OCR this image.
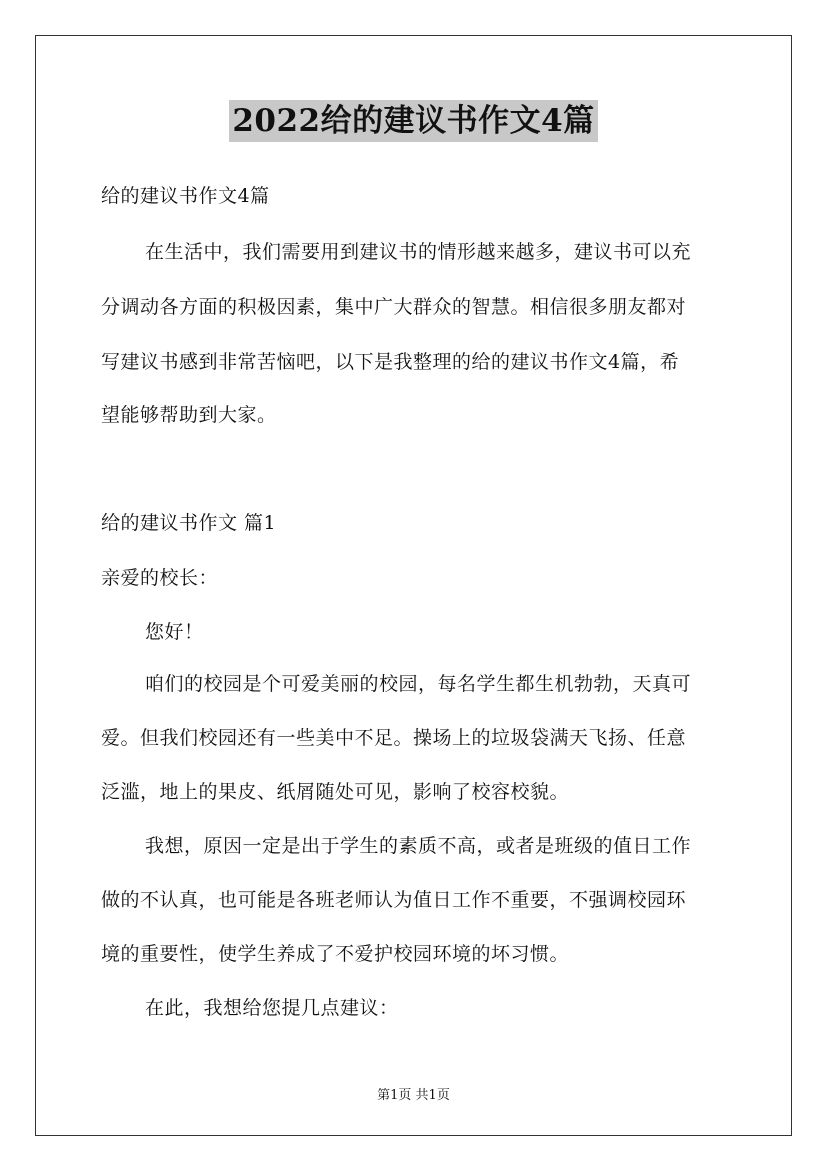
2022给的建议书作文4篇
给的建议书作文4篇
在生活中，我们需要用到建议书的情形越来越多，建议书可以充
分调动各方面的积极因素，集中广大群众的智慧。相信很多朋友都对
写建议书感到非常苦恼吧，以下是我整理的给的建议书作文4篇，希
望能够帮助到大家。
给的建议书作文 篇1
亲爱的校长：
您好！
咱们的校园是个可爱美丽的校园，每名学生都生机勃勃，天真可
爱。但我们校园还有一些美中不足。操场上的垃圾袋满天飞扬、任意
泛滥，地上的果皮、纸屑随处可见，影响了校容校貌。
我想，原因一定是出于学生的素质不高，或者是班级的值日工作
做的不认真，也可能是各班老师认为值日工作不重要，不强调校园环
境的重要性，使学生养成了不爱护校园环境的坏习惯。
在此，我想给您提几点建议：
第1页 共1页
